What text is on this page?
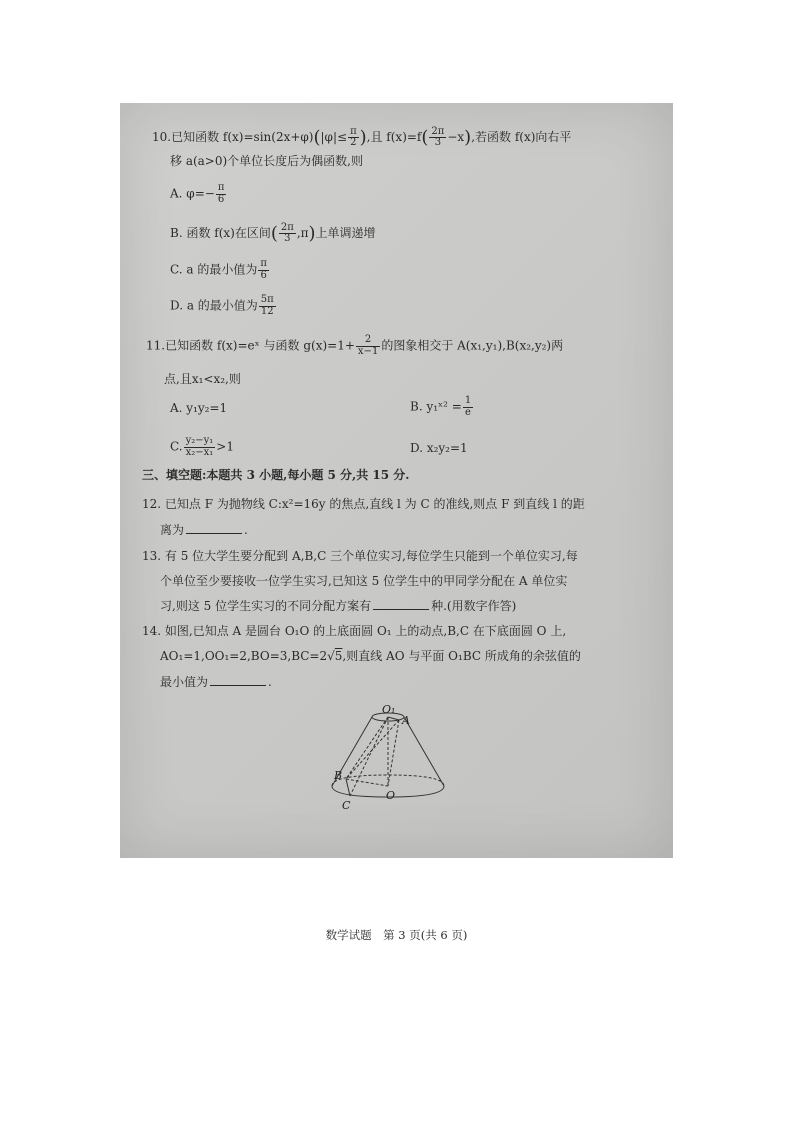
10.已知函数 $f(x)=\sin(2x+\varphi)(|\varphi|\le \frac{\pi}{2}$ ),且 $f(x)=f( \frac{2\pi}{3} -x)$,若函数 f(x)向右平
移 a(a>0)个单位长度后为偶函数,则
A. $\varphi=- \frac{\pi}{6}$
B. 函数 f(x)在区间( $\frac{2\pi}{3} ,\pi$)上单调递增
C. a 的最小值为 $\frac{\pi}{6}$
D. a 的最小值为 $\frac{5\pi}{12}$
11.已知函数 f(x)=eˣ 与函数 $g(x)=1+ \frac{2}{x-1}$ 的图象相交于 A(x₁,y₁),B(x₂,y₂)两
点,且x₁<x₂,则
A. y₁y₂=1	B. y₁ˣ² = $\frac{1}{e}$
C. $\frac{\text{y₂−y₁}}{\text{x₂−x₁}} >1$	D. x₂y₂=1
三、填空题:本题共 3 小题,每小题 5 分,共 15 分.
12. 已知点 F 为抛物线 C:x²=16y 的焦点,直线 l 为 C 的准线,则点 F 到直线 l 的距
离为	.
13. 有 5 位大学生要分配到 A,B,C 三个单位实习,每位学生只能到一个单位实习,每
个单位至少要接收一位学生实习,已知这 5 位学生中的甲同学分配在 A 单位实
习,则这 5 位学生实习的不同分配方案有	种.(用数字作答)
14. 如图,已知点 A 是圆台 O₁O 的上底面圆 O₁ 上的动点,B,C 在下底面圆 O 上,
AO₁=1,OO₁=2,BO=3,BC=2√5,则直线 AO 与平面 O₁BC 所成角的余弦值的
最小值为	.
O₁
A
B
O
C
数学试题　第 3 页(共 6 页)
